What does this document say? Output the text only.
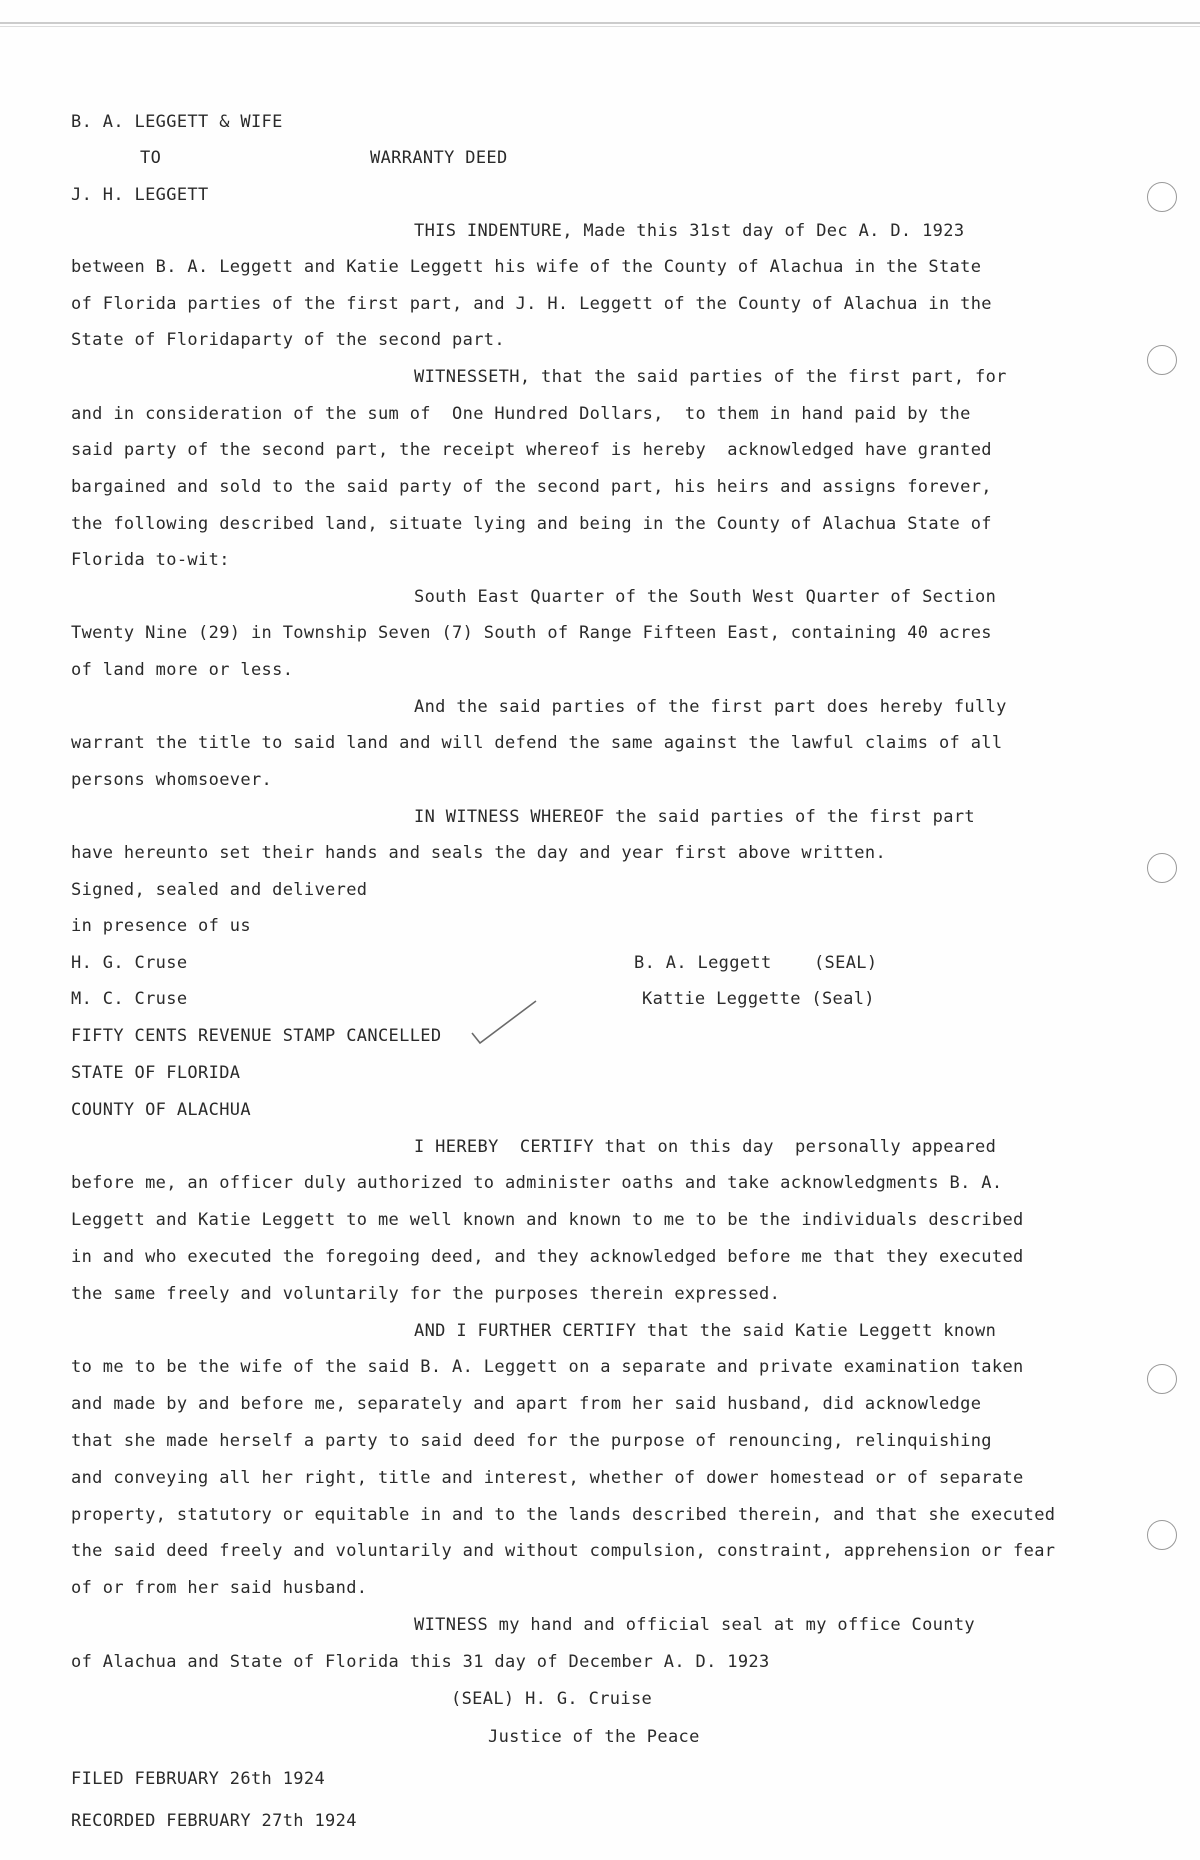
B. A. LEGGETT & WIFE
TO	WARRANTY DEED
J. H. LEGGETT
THIS INDENTURE, Made this 31st day of Dec A. D. 1923
between B. A. Leggett and Katie Leggett his wife of the County of Alachua in the State
of Florida parties of the first part, and J. H. Leggett of the County of Alachua in the
State of Floridaparty of the second part.
WITNESSETH, that the said parties of the first part, for
and in consideration of the sum of  One Hundred Dollars,  to them in hand paid by the
said party of the second part, the receipt whereof is hereby  acknowledged have granted
bargained and sold to the said party of the second part, his heirs and assigns forever,
the following described land, situate lying and being in the County of Alachua State of
Florida to-wit:
South East Quarter of the South West Quarter of Section
Twenty Nine (29) in Township Seven (7) South of Range Fifteen East, containing 40 acres
of land more or less.
And the said parties of the first part does hereby fully
warrant the title to said land and will defend the same against the lawful claims of all
persons whomsoever.
IN WITNESS WHEREOF the said parties of the first part
have hereunto set their hands and seals the day and year first above written.
Signed, sealed and delivered
in presence of us
H. G. Cruse	B. A. Leggett    (SEAL)
M. C. Cruse	Kattie Leggette (Seal)
FIFTY CENTS REVENUE STAMP CANCELLED
STATE OF FLORIDA
COUNTY OF ALACHUA
I HEREBY  CERTIFY that on this day  personally appeared
before me, an officer duly authorized to administer oaths and take acknowledgments B. A.
Leggett and Katie Leggett to me well known and known to me to be the individuals described
in and who executed the foregoing deed, and they acknowledged before me that they executed
the same freely and voluntarily for the purposes therein expressed.
AND I FURTHER CERTIFY that the said Katie Leggett known
to me to be the wife of the said B. A. Leggett on a separate and private examination taken
and made by and before me, separately and apart from her said husband, did acknowledge
that she made herself a party to said deed for the purpose of renouncing, relinquishing
and conveying all her right, title and interest, whether of dower homestead or of separate
property, statutory or equitable in and to the lands described therein, and that she executed
the said deed freely and voluntarily and without compulsion, constraint, apprehension or fear
of or from her said husband.
WITNESS my hand and official seal at my office County
of Alachua and State of Florida this 31 day of December A. D. 1923
(SEAL) H. G. Cruise
Justice of the Peace
FILED FEBRUARY 26th 1924
RECORDED FEBRUARY 27th 1924
